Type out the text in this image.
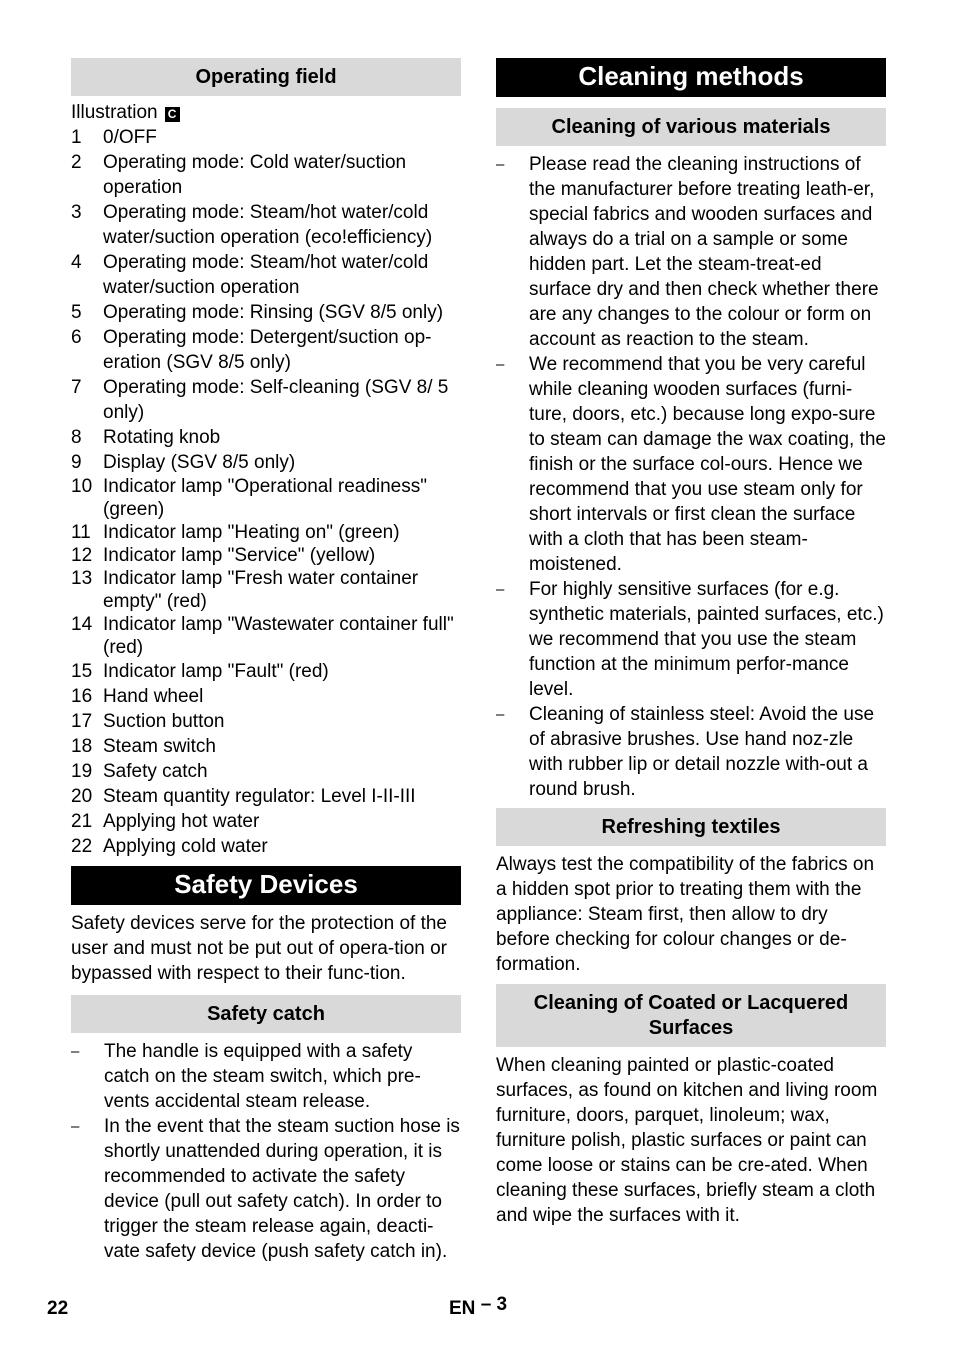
Operating field
Illustration C
1	0/OFF
2	Operating mode: Cold water/suction operation
3	Operating mode: Steam/hot water/cold water/suction operation (eco!efficiency)
4	Operating mode: Steam/hot water/cold water/suction operation
5	Operating mode: Rinsing (SGV 8/5 only)
6	Operating mode: Detergent/suction op-eration (SGV 8/5 only)
7	Operating mode: Self-cleaning (SGV 8/ 5 only)
8	Rotating knob
9	Display (SGV 8/5 only)
10 Indicator lamp "Operational readiness" (green)
11 Indicator lamp "Heating on" (green)
12 Indicator lamp "Service" (yellow)
13 Indicator lamp "Fresh water container empty" (red)
14 Indicator lamp "Wastewater container full" (red)
15 Indicator lamp "Fault" (red)
16 Hand wheel
17 Suction button
18 Steam switch
19 Safety catch
20 Steam quantity regulator: Level I-II-III
21 Applying hot water
22 Applying cold water
Safety Devices
Safety devices serve for the protection of the user and must not be put out of opera-tion or bypassed with respect to their func-tion.
Safety catch
–	The handle is equipped with a safety catch on the steam switch, which pre-vents accidental steam release.
–	In the event that the steam suction hose is shortly unattended during operation, it is recommended to activate the safety device (pull out safety catch). In order to trigger the steam release again, deacti-vate safety device (push safety catch in).
Cleaning methods
Cleaning of various materials
–	Please read the cleaning instructions of the manufacturer before treating leath-er, special fabrics and wooden surfaces and always do a trial on a sample or some hidden part. Let the steam-treat-ed surface dry and then check whether there are any changes to the colour or form on account as reaction to the steam.
–	We recommend that you be very careful while cleaning wooden surfaces (furni-ture, doors, etc.) because long expo-sure to steam can damage the wax coating, the finish or the surface col-ours. Hence we recommend that you use steam only for short intervals or first clean the surface with a cloth that has been steam-moistened.
–	For highly sensitive surfaces (for e.g. synthetic materials, painted surfaces, etc.) we recommend that you use the steam function at the minimum perfor-mance level.
–	Cleaning of stainless steel: Avoid the use of abrasive brushes. Use hand noz-zle with rubber lip or detail nozzle with-out a round brush.
Refreshing textiles
Always test the compatibility of the fabrics on a hidden spot prior to treating them with the appliance: Steam first, then allow to dry before checking for colour changes or de-formation.
Cleaning of Coated or Lacquered Surfaces
When cleaning painted or plastic-coated surfaces, as found on kitchen and living room furniture, doors, parquet, linoleum; wax, furniture polish, plastic surfaces or paint can come loose or stains can be cre-ated. When cleaning these surfaces, briefly steam a cloth and wipe the surfaces with it.
22	EN – 3
